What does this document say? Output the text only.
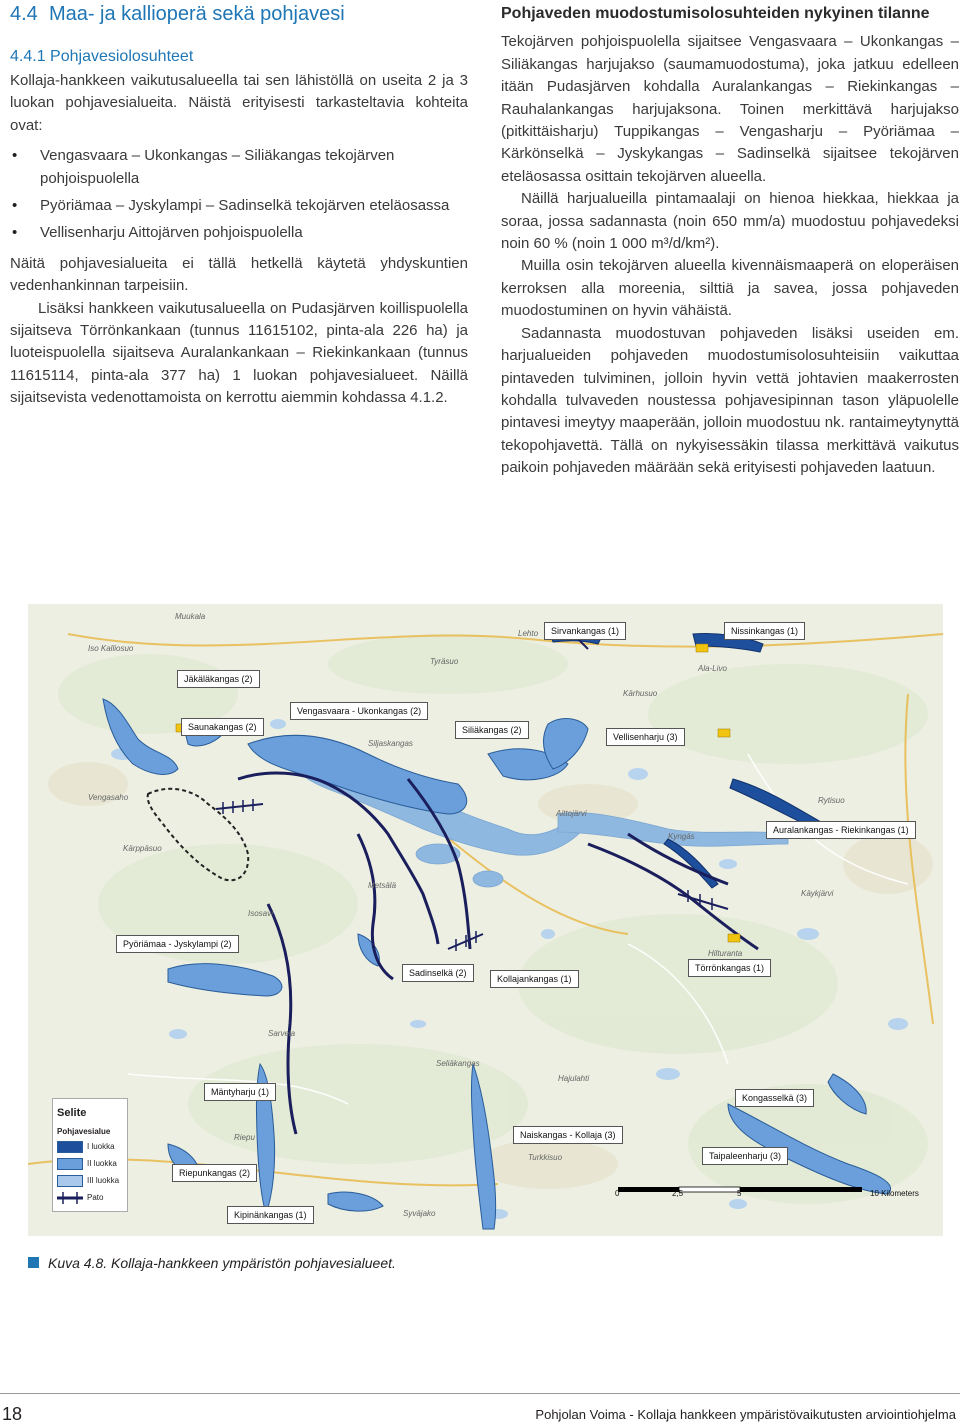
4.4 Maa- ja kallioperä sekä pohjavesi
4.4.1 Pohjavesiolosuhteet

Kollaja-hankkeen vaikutusalueella tai sen lähistöllä on useita 2 ja 3 luokan pohjavesialueita. Näistä erityisesti tarkasteltavia kohteita ovat:

• Vengasvaara – Ukonkangas – Siliäkangas tekojärven pohjoispuolella
• Pyöriämaa – Jyskylampi – Sadinselkä tekojärven eteläosassa
• Vellisenharju Aittojärven pohjoispuolella

Näitä pohjavesialueita ei tällä hetkellä käytetä yhdyskuntien vedenhankinnan tarpeisiin.

Lisäksi hankkeen vaikutusalueella on Pudasjärven koillispuolella sijaitseva Törrönkankaan (tunnus 11615102, pinta-ala 226 ha) ja luoteispuolella sijaitseva Auralankankaan – Riekinkankaan (tunnus 11615114, pinta-ala 377 ha) 1 luokan pohjavesialueet. Näillä sijaitsevista vedenottamoista on kerrottu aiemmin kohdassa 4.1.2.

Pohjaveden muodostumisolosuhteiden nykyinen tilanne

Tekojärven pohjoispuolella sijaitsee Vengasvaara – Ukonkangas – Siliäkangas harjujakso (saumamuodostuma), joka jatkuu edelleen itään Pudasjärven kohdalla Auralankangas – Riekinkangas – Rauhalankangas harjujaksona. Toinen merkittävä harjujakso (pitkittäisharju) Tuppikangas – Vengasharju – Pyöriämaa – Kärkönselkä – Jyskykangas – Sadinselkä sijaitsee tekojärven eteläosassa osittain tekojärven alueella.

Näillä harjualueilla pintamaalaji on hienoa hiekkaa, hiekkaa ja soraa, jossa sadannasta (noin 650 mm/a) muodostuu pohjavedeksi noin 60 % (noin 1 000 m³/d/km²).

Muilla osin tekojärven alueella kivennäismaaperä on eloperäisen kerroksen alla moreenia, silttiä ja savea, jossa pohjaveden muodostuminen on hyvin vähäistä.

Sadannasta muodostuvan pohjaveden lisäksi useiden em. harjualueiden pohjaveden muodostumisolosuhteisiin vaikuttaa pintaveden tulviminen, jolloin hyvin vettä johtavien maakerrosten kohdalla tulvaveden noustessa pohjavesipinnan tason yläpuolelle pintavesi imeytyy maaperään, jolloin muodostuu nk. rantaimeytynyttä tekopohjavettä. Tällä on nykyisessäkin tilassa merkittävä vaikutus paikoin pohjaveden määrään sekä erityisesti pohjaveden laatuun.

Muukala
Iso Kalliosuo
Tyräsuo
Ala-Livo
Kärhusuo
Vengasaho
Siljaskangas
Aittojärvi
Rytisuo
Kyngäs
Kärppäsuo
Metsälä
Isosavi
Käykjärvi
Hilturanta
Sarvela
Hajulahti
Seliäkangas
Riepu
Turkkisuo
Syväjako
Lehto	Sirvankangas (1)	Nissinkangas (1)
Jäkäläkangas (2)
Vengasvaara - Ukonkangas (2)
Saunakangas (2)	Siliäkangas (2)
Vellisenharju (3)
Auralankangas - Riekinkangas (1)
Pyöriämaa - Jyskylampi (2)
Sadinselkä (2)
Kollajankangas (1)
Törrönkangas (1)
Mäntyharju (1)
Kongasselkä (3)
Naiskangas - Kollaja (3)
Taipaleenharju (3)
Riepunkangas (2)
Kipinänkangas (1)
0	2,5	5	10 Kilometers
Selite
Pohjavesialue
I luokka
II luokka
III luokka
Pato
Kuva 4.8. Kollaja-hankkeen ympäristön pohjavesialueet.
18	Pohjolan Voima - Kollaja hankkeen ympäristövaikutusten arviointiohjelma
